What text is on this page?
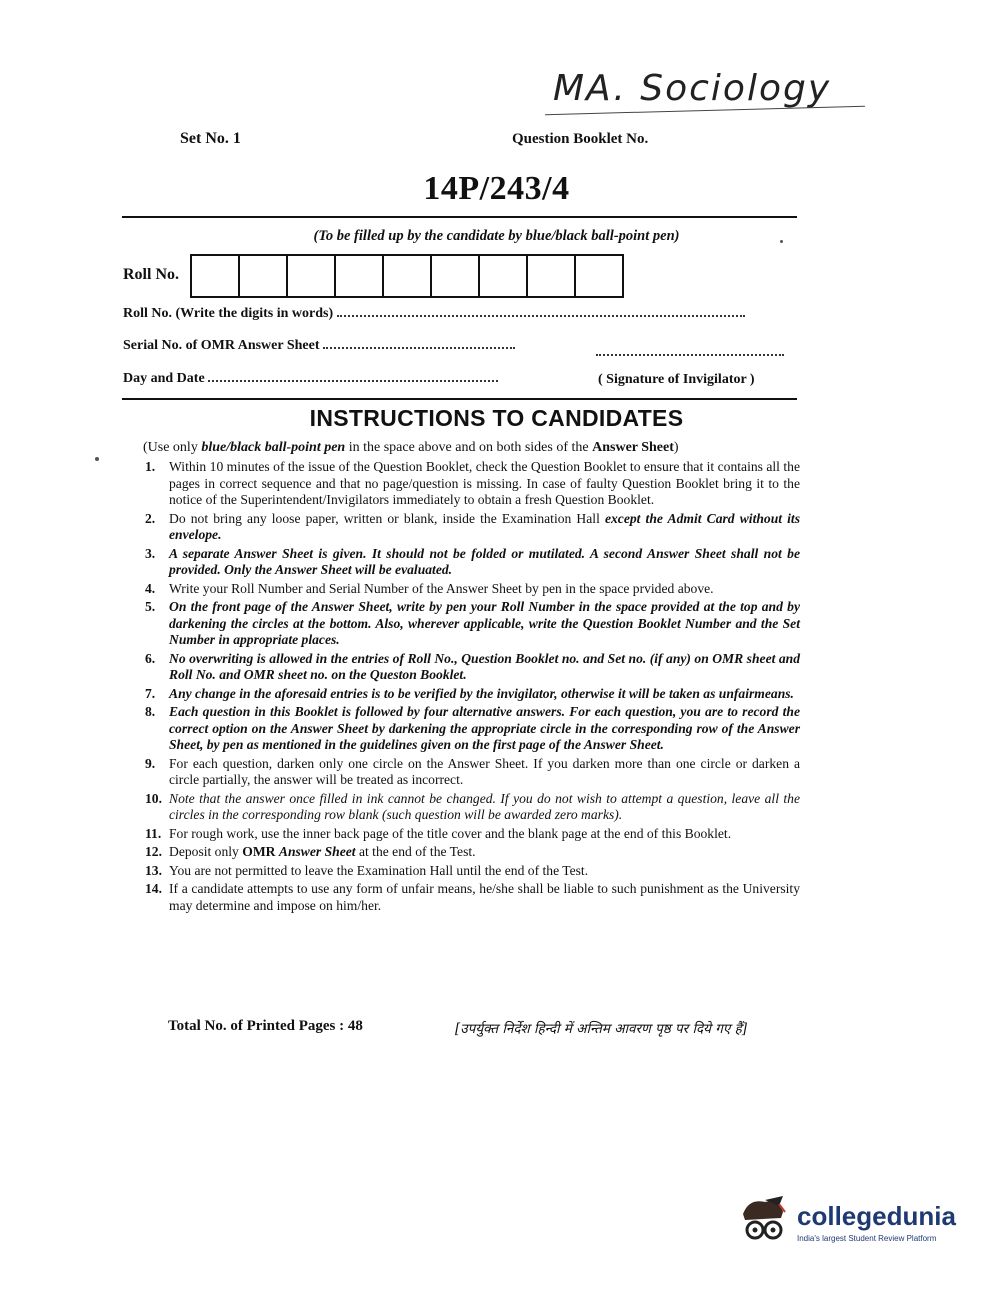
MA. Sociology
Set No. 1	Question Booklet No.
14P/243/4
(To be filled up by the candidate by blue/black ball-point pen)
Roll No.
Roll No. (Write the digits in words)
Serial No. of OMR Answer Sheet
Day and Date	( Signature of Invigilator )
INSTRUCTIONS TO CANDIDATES
(Use only blue/black ball-point pen in the space above and on both sides of the Answer Sheet)
1.	Within 10 minutes of the issue of the Question Booklet, check the Question Booklet to ensure that it contains all the pages in correct sequence and that no page/question is missing. In case of faulty Question Booklet bring it to the notice of the Superintendent/Invigilators immediately to obtain a fresh Question Booklet.
2.	Do not bring any loose paper, written or blank, inside the Examination Hall except the Admit Card without its envelope.
3.	A separate Answer Sheet is given. It should not be folded or mutilated. A second Answer Sheet shall not be provided. Only the Answer Sheet will be evaluated.
4.	Write your Roll Number and Serial Number of the Answer Sheet by pen in the space prvided above.
5.	On the front page of the Answer Sheet, write by pen your Roll Number in the space provided at the top and by darkening the circles at the bottom. Also, wherever applicable, write the Question Booklet Number and the Set Number in appropriate places.
6.	No overwriting is allowed in the entries of Roll No., Question Booklet no. and Set no. (if any) on OMR sheet and Roll No. and OMR sheet no. on the Queston Booklet.
7.	Any change in the aforesaid entries is to be verified by the invigilator, otherwise it will be taken as unfairmeans.
8.	Each question in this Booklet is followed by four alternative answers. For each question, you are to record the correct option on the Answer Sheet by darkening the appropriate circle in the corresponding row of the Answer Sheet, by pen as mentioned in the guidelines given on the first page of the Answer Sheet.
9.	For each question, darken only one circle on the Answer Sheet. If you darken more than one circle or darken a circle partially, the answer will be treated as incorrect.
10. Note that the answer once filled in ink cannot be changed. If you do not wish to attempt a question, leave all the circles in the corresponding row blank (such question will be awarded zero marks).
11. For rough work, use the inner back page of the title cover and the blank page at the end of this Booklet.
12. Deposit only OMR Answer Sheet at the end of the Test.
13. You are not permitted to leave the Examination Hall until the end of the Test.
14. If a candidate attempts to use any form of unfair means, he/she shall be liable to such punishment as the University may determine and impose on him/her.
Total No. of Printed Pages : 48	[उपर्युक्त निर्देश हिन्दी में अन्तिम आवरण पृष्ठ पर दिये गए हैं]
collegedunia
India's largest Student Review Platform
